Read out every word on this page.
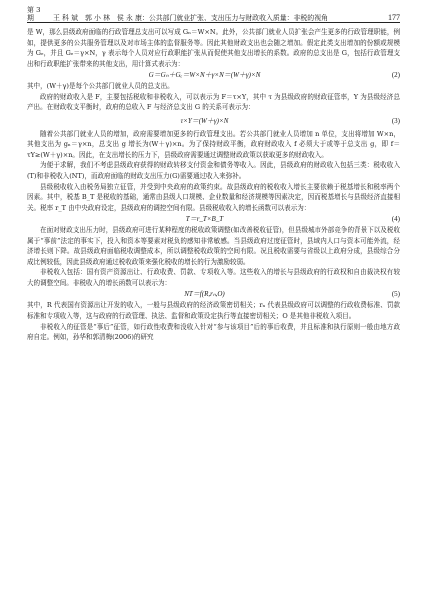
第 3 期	王 科 斌　郭 小 林　侯 永 康：公共部门就业扩张、支出压力与财政收入质量：非税的视角	177

是 W，那么县级政府面临的行政管理总支出可以写成 Gₙ＝W×N。此外，公共部门就业人员扩张会产生更多的行政管理职能，例如，提供更多的公共服务管理以及对市场主体的监督服务等。因此其他财政支出也会随之增加。假定此类支出增加的份额或规模为 Gₑ，并且 Gₑ＝γ×N，γ 表示每个人员对应行政职能扩张从而促使其他支出增长的系数。政府的总支出是 G，包括行政管理支出和行政职能扩张带来的其他支出，用计算式表示为：

G＝Gₙ＋Gₑ＝W×N＋γ×N＝(W＋γ)×N	(2)

其中，(W＋γ)是每个公共部门就业人员的总支出。

政府的财政收入是 F，主要包括税收和非税收入，可以表示为 F＝τ×Y，其中 τ 为县级政府的财政征管率，Y 为县级经济总产出。在财政收支平衡时，政府的总收入 F 与经济总支出 G 的关系可表示为：

τ×Y＝(W＋γ)×N	(3)

随着公共部门就业人员的增加，政府需要增加更多的行政管理支出。若公共部门就业人员增加 n 单位，支出将增加 W×n，其他支出为 gₙ＝γ×n，总支出 g 增长为(W＋γ)×n。为了保持财政平衡，政府财政收入 f 必须大于或等于总支出 g，即 f＝τY≥(W＋γ)×n。因此，在支出增长的压力下，县级政府需要通过调整财政政策以获取更多的财政收入。

为便于求解，我们不考虑县级政府获得的财政转移支付资金和债务等收入。因此，县级政府的财政收入包括三类：税收收入(T)和非税收入(NT)，而政府面临的财政支出压力(G)需要通过收入来弥补。

县级税收收入由税务局独立征管，并受到中央政府的政策约束。故县级政府的税收收入增长主要依赖于税基增长和税率两个因素。其中，税基 B_T 是税收的基础，通常由县级人口规模、企业数量和经济规模等因素决定，因而税基增长与县级经济直接相关。税率 r_T 由中央政府设定，县级政府的调控空间有限。县级税收收入的增长函数可以表示为：

T＝r_T×B_T	(4)

在面对财政支出压力时，县级政府可进行某种程度的税收政策调整(如改善税收征管)，但县级城市外部竞争的背景下以及税收属于“事前”法定的事实下，投入和资本等要素对税负的感知非常敏感。当县级政府过度征管时，县域内人口与资本可能外流，经济增长则下降。故县级政府面临税收调整成本，所以调整税收政策的空间有限。况且税收需要与省级以上政府分成，县级综合分成比例较低，因此县级政府通过税收政策来强化税收的增长的行为激励较弱。

非税收入包括：国有资产资源出让、行政收费、罚款、专项收入等。这些收入的增长与县级政府的行政权和自由裁决权有较大的调整空间。非税收入的增长函数可以表示为：

NT＝f(R,rₙ,O)	(5)

其中，R 代表国有资源出让开发的收入，一般与县级政府的经济政策密切相关；rₙ 代表县级政府可以调整的行政收费标准、罚款标准和专项收入等，这与政府的行政管理、执法、监督和政策设定执行等直接密切相关；O 是其他非税收入项目。

非税收入的征管是“事后”征管，如行政性收费和没收入针对“参与该项目”后的事后收费，并且标准和执行原则一般由地方政府自定。例如，孙华和郭清梅(2006)的研究
